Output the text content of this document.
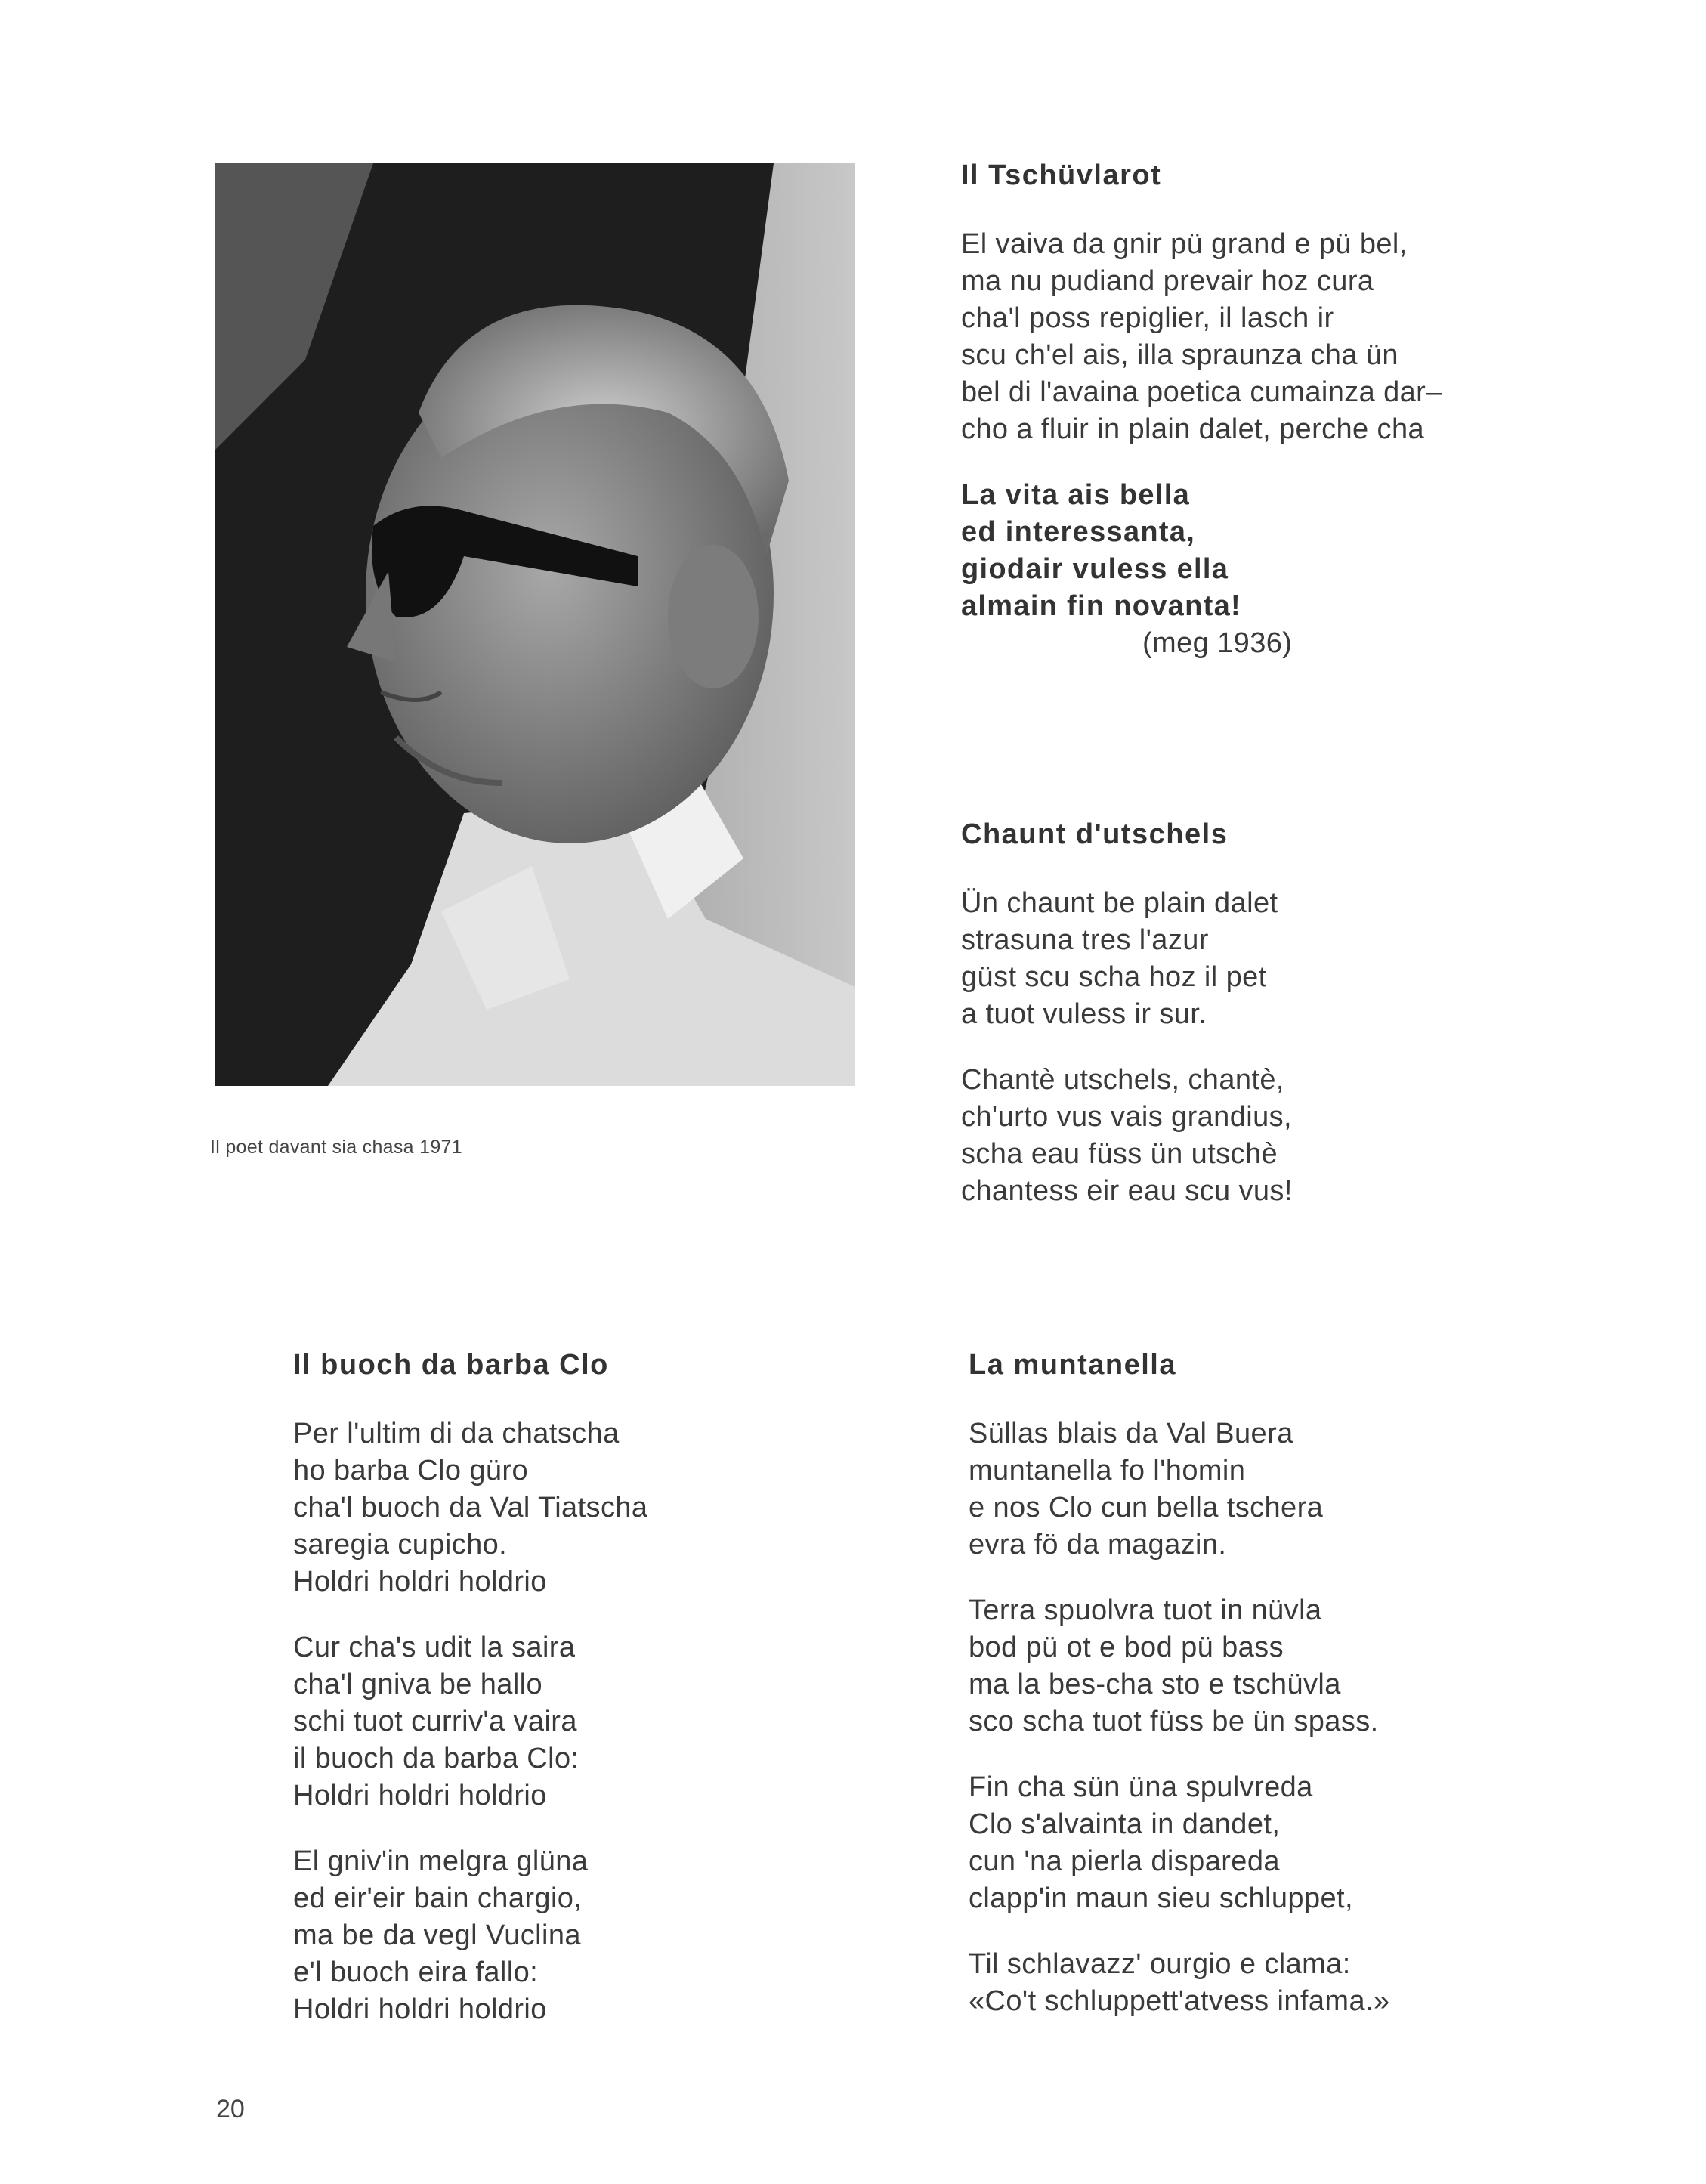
Il poet davant sia chasa 1971
Il Tschüvlarot
El vaiva da gnir pü grand e pü bel,
ma nu pudiand prevair hoz cura
cha'l poss repiglier, il lasch ir
scu ch'el ais, illa spraunza cha ün
bel di l'avaina poetica cumainza dar–
cho a fluir in plain dalet, perche cha
La vita ais bella
ed interessanta,
giodair vuless ella
almain fin novanta!
(meg 1936)
Chaunt d'utschels
Ün chaunt be plain dalet
strasuna tres l'azur
güst scu scha hoz il pet
a tuot vuless ir sur.
Chantè utschels, chantè,
ch'urto vus vais grandius,
scha eau füss ün utschè
chantess eir eau scu vus!
Il buoch da barba Clo
Per l'ultim di da chatscha
ho barba Clo güro
cha'l buoch da Val Tiatscha
saregia cupicho.
Holdri holdri holdrio
Cur cha's udit la saira
cha'l gniva be hallo
schi tuot curriv'a vaira
il buoch da barba Clo:
Holdri holdri holdrio
El gniv'in melgra glüna
ed eir'eir bain chargio,
ma be da vegl Vuclina
e'l buoch eira fallo:
Holdri holdri holdrio
La muntanella
Süllas blais da Val Buera
muntanella fo l'homin
e nos Clo cun bella tschera
evra fö da magazin.
Terra spuolvra tuot in nüvla
bod pü ot e bod pü bass
ma la bes-cha sto e tschüvla
sco scha tuot füss be ün spass.
Fin cha sün üna spulvreda
Clo s'alvainta in dandet,
cun 'na pierla dispareda
clapp'in maun sieu schluppet,
Til schlavazz' ourgio e clama:
«Co't schluppett'atvess infama.»
20
